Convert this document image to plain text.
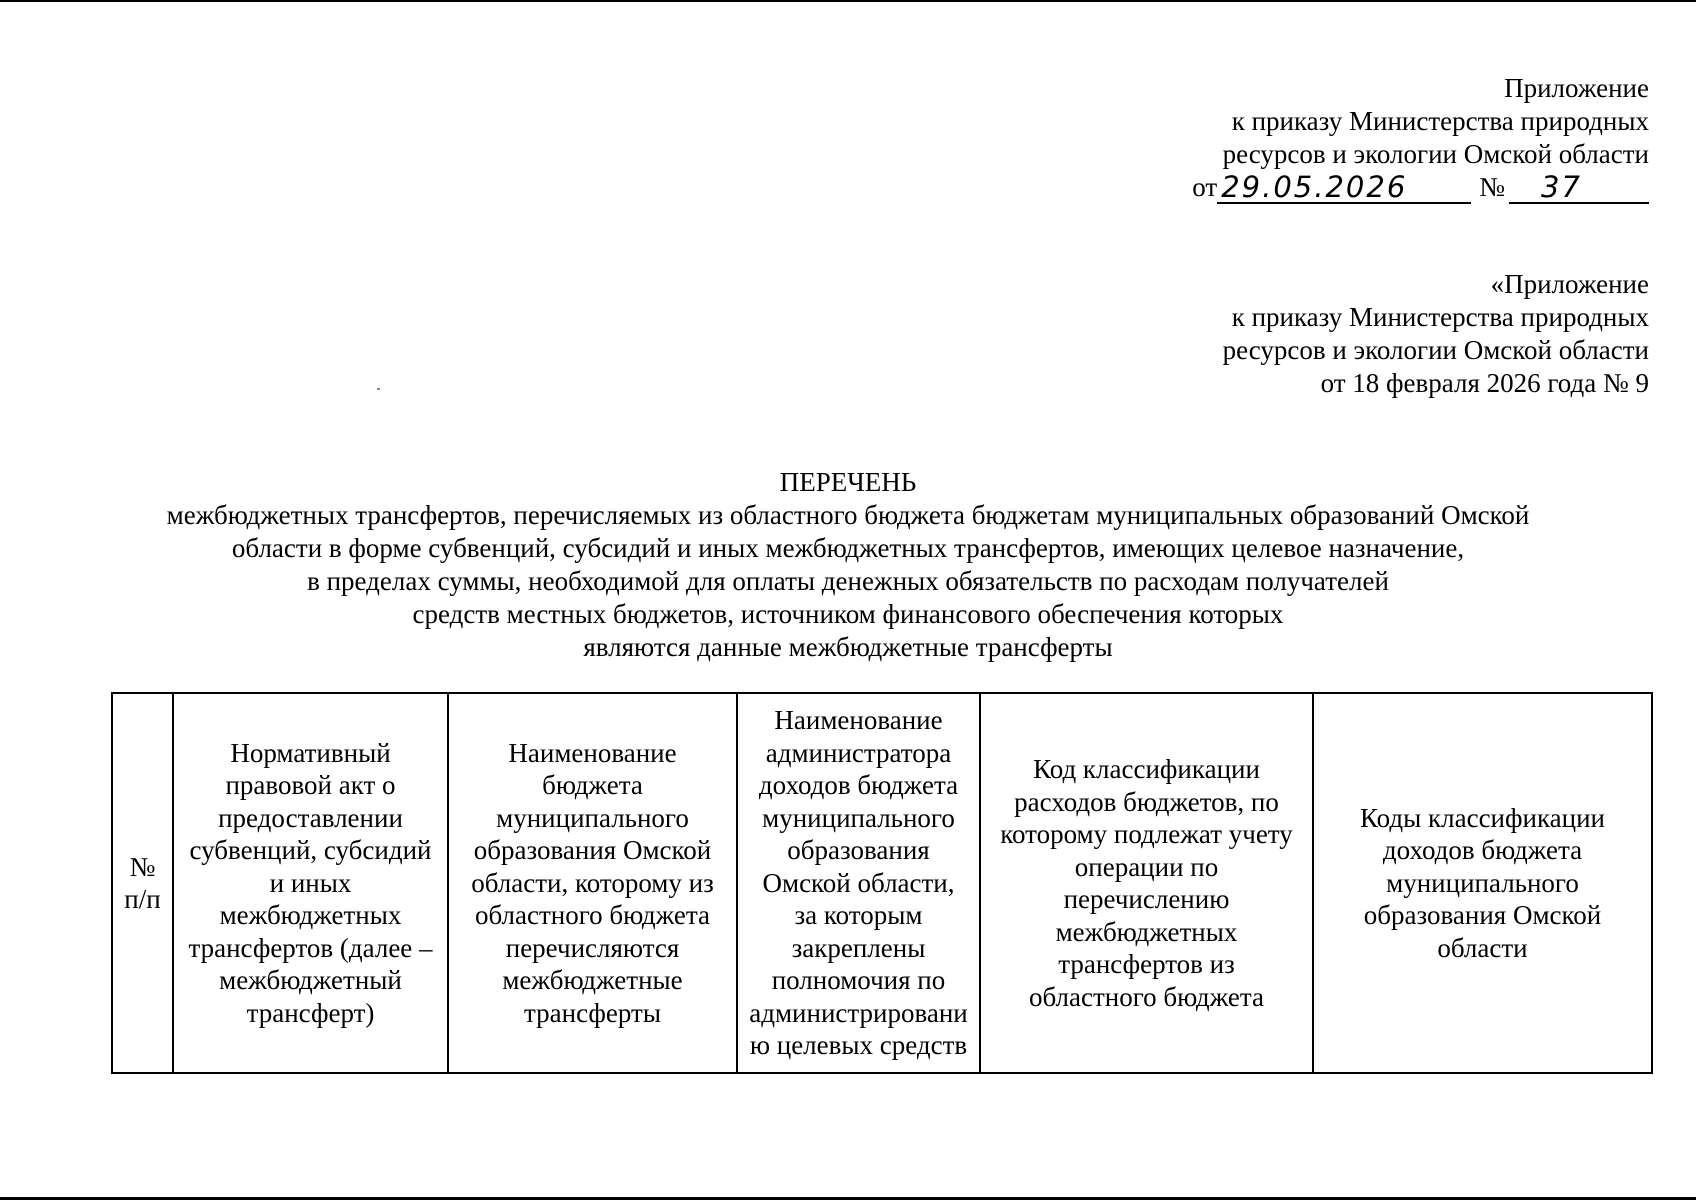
Приложение
к приказу Министерства природных
ресурсов и экологии Омской области
от 29.05.2026	№	37
«Приложение
к приказу Министерства природных
ресурсов и экологии Омской области
от 18 февраля 2026 года № 9
ПЕРЕЧЕНЬ
межбюджетных трансфертов, перечисляемых из областного бюджета бюджетам муниципальных образований Омской
области в форме субвенций, субсидий и иных межбюджетных трансфертов, имеющих целевое назначение,
в пределах суммы, необходимой для оплаты денежных обязательств по расходам получателей
средств местных бюджетов, источником финансового обеспечения которых
являются данные межбюджетные трансферты
№
п/п

Нормативный
правовой акт о
предоставлении
субвенций, субсидий
и иных
межбюджетных
трансфертов (далее –
межбюджетный
трансферт)

Наименование
бюджета
муниципального
образования Омской
области, которому из
областного бюджета
перечисляются
межбюджетные
трансферты

Наименование
администратора
доходов бюджета
муниципального
образования
Омской области,
за которым
закреплены
полномочия по
администрировани
ю целевых средств

Код классификации
расходов бюджетов, по
которому подлежат учету
операции по
перечислению
межбюджетных
трансфертов из
областного бюджета

Коды классификации
доходов бюджета
муниципального
образования Омской
области
